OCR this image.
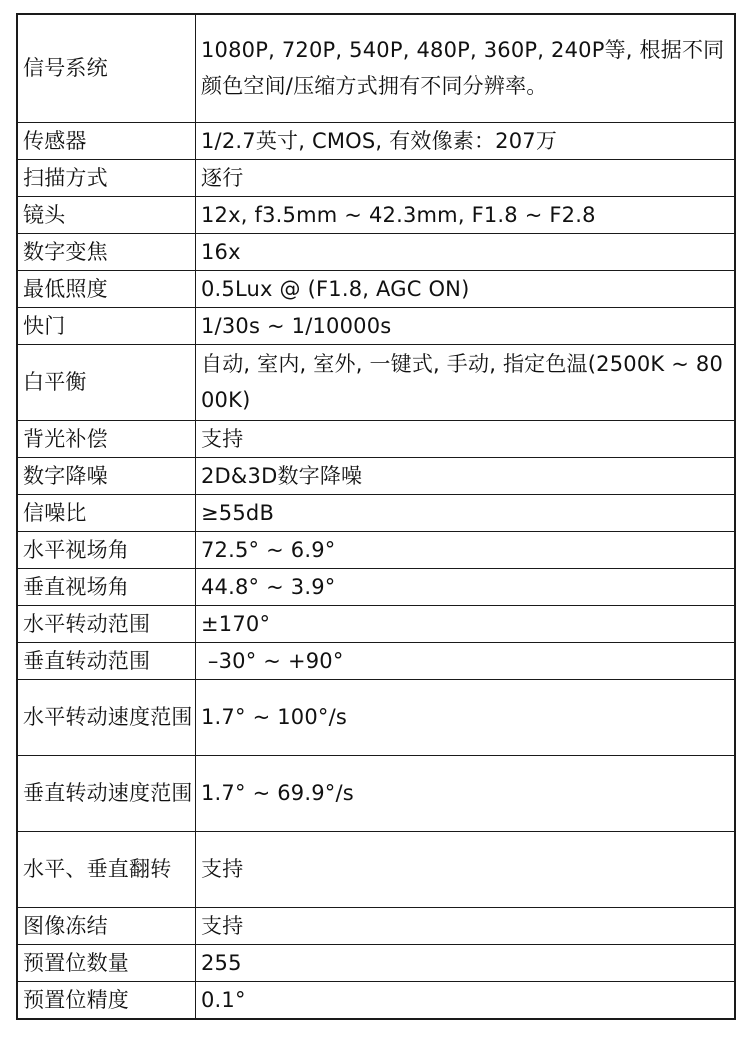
信号系统	1080P, 720P, 540P, 480P, 360P, 240P等, 根据不同颜色空间/压缩方式拥有不同分辨率。
传感器	1/2.7英寸, CMOS, 有效像素：207万
扫描方式	逐行
镜头	12x, f3.5mm ~ 42.3mm, F1.8 ~ F2.8
数字变焦	16x
最低照度	0.5Lux @ (F1.8, AGC ON)
快门	1/30s ~ 1/10000s
白平衡	自动, 室内, 室外, 一键式, 手动, 指定色温(2500K ~ 8000K)
背光补偿	支持
数字降噪	2D&3D数字降噪
信噪比	≥55dB
水平视场角	72.5° ~ 6.9°
垂直视场角	44.8° ~ 3.9°
水平转动范围	±170°
垂直转动范围	–30° ~ +90°
水平转动速度范围	1.7° ~ 100°/s
垂直转动速度范围	1.7° ~ 69.9°/s
水平、垂直翻转	支持
图像冻结	支持
预置位数量	255
预置位精度	0.1°
